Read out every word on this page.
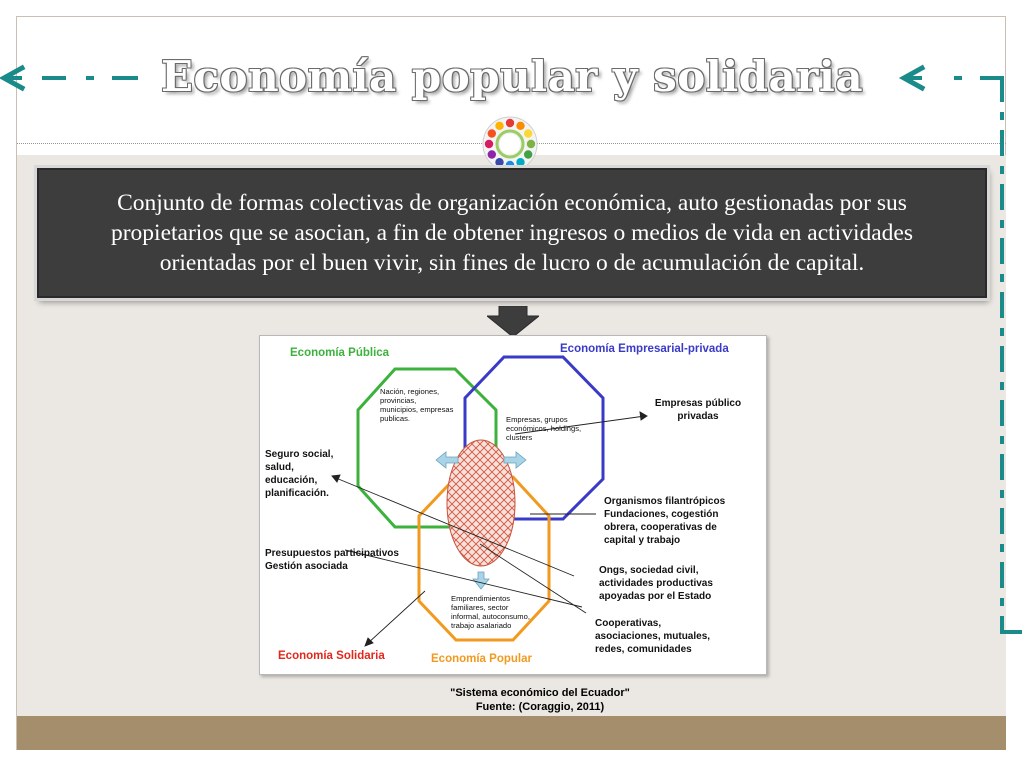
Economía popular y solidaria

Conjunto de formas colectivas de organización económica, auto gestionadas por sus propietarios que se asocian, a fin de obtener ingresos o medios de vida en actividades orientadas por el buen vivir, sin fines de lucro o de acumulación de capital.

Economía Pública	Economía Empresarial-privada
Economía Solidaria	Economía Popular
Nación, regiones,
provincias,
municipios, empresas
publicas.	Empresas, grupos
económicos, holdings,
clusters
Emprendimientos
familiares, sector
informal, autoconsumo,
trabajo asalariado
Seguro social,
salud,
educación,
planificación.
Presupuestos participativos
Gestión asociada
Empresas público
privadas
Organismos filantrópicos
Fundaciones, cogestión
obrera, cooperativas de
capital y trabajo
Ongs, sociedad civil,
actividades productivas
apoyadas por el Estado
Cooperativas,
asociaciones, mutuales,
redes, comunidades
"Sistema económico del Ecuador"
Fuente: (Coraggio, 2011)
